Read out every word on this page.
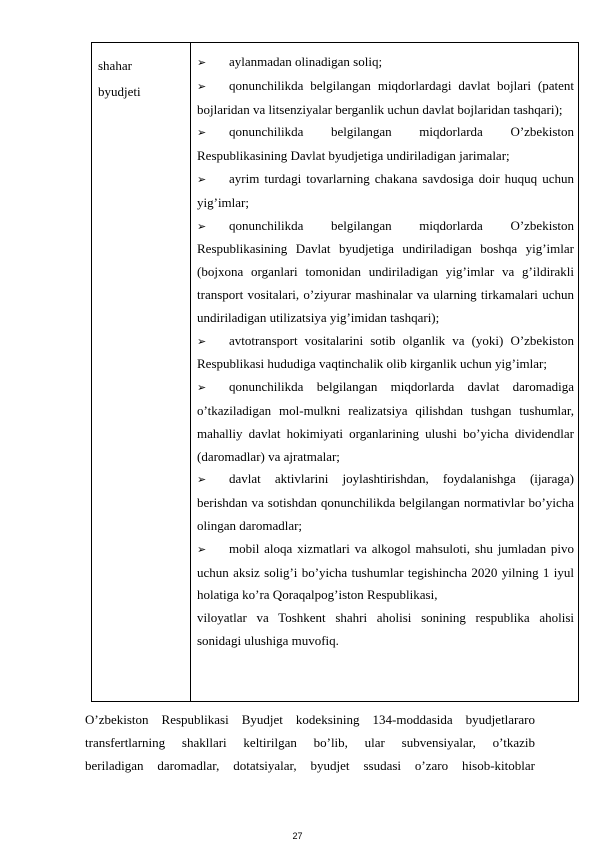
shahar
byudjeti
➢ aylanmadan olinadigan soliq;
➢ qonunchilikda belgilangan miqdorlardagi davlat bojlari (patent bojlaridan va litsenziyalar berganlik uchun davlat bojlaridan tashqari);
➢ qonunchilikda belgilangan miqdorlarda O’zbekiston Respublikasining Davlat byudjetiga undiriladigan jarimalar;
➢ ayrim turdagi tovarlarning chakana savdosiga doir huquq uchun yig’imlar;
➢ qonunchilikda belgilangan miqdorlarda O’zbekiston Respublikasining Davlat byudjetiga undiriladigan boshqa yig’imlar (bojxona organlari tomonidan undiriladigan yig’imlar va g’ildirakli transport vositalari, o’ziyurar mashinalar va ularning tirkamalari uchun undiriladigan utilizatsiya yig’imidan tashqari);
➢ avtotransport vositalarini sotib olganlik va (yoki) O’zbekiston Respublikasi hududiga vaqtinchalik olib kirganlik uchun yig’imlar;
➢ qonunchilikda belgilangan miqdorlarda davlat daromadiga o’tkaziladigan mol-mulkni realizatsiya qilishdan tushgan tushumlar, mahalliy davlat hokimiyati organlarining ulushi bo’yicha dividendlar (daromadlar) va ajratmalar;
➢ davlat aktivlarini joylashtirishdan, foydalanishga (ijaraga) berishdan va sotishdan qonunchilikda belgilangan normativlar bo’yicha olingan daromadlar;
➢ mobil aloqa xizmatlari va alkogol mahsuloti, shu jumladan pivo uchun aksiz solig’i bo’yicha tushumlar tegishincha 2020 yilning 1 iyul holatiga ko’ra Qoraqalpog’iston Respublikasi,
viloyatlar va Toshkent shahri aholisi sonining respublika aholisi sonidagi ulushiga muvofiq.
O’zbekiston Respublikasi Byudjet kodeksining 134-moddasida byudjetlararo
transfertlarning shakllari keltirilgan bo’lib, ular subvensiyalar, o’tkazib
beriladigan daromadlar, dotatsiyalar, byudjet ssudasi o’zaro hisob-kitoblar
27
